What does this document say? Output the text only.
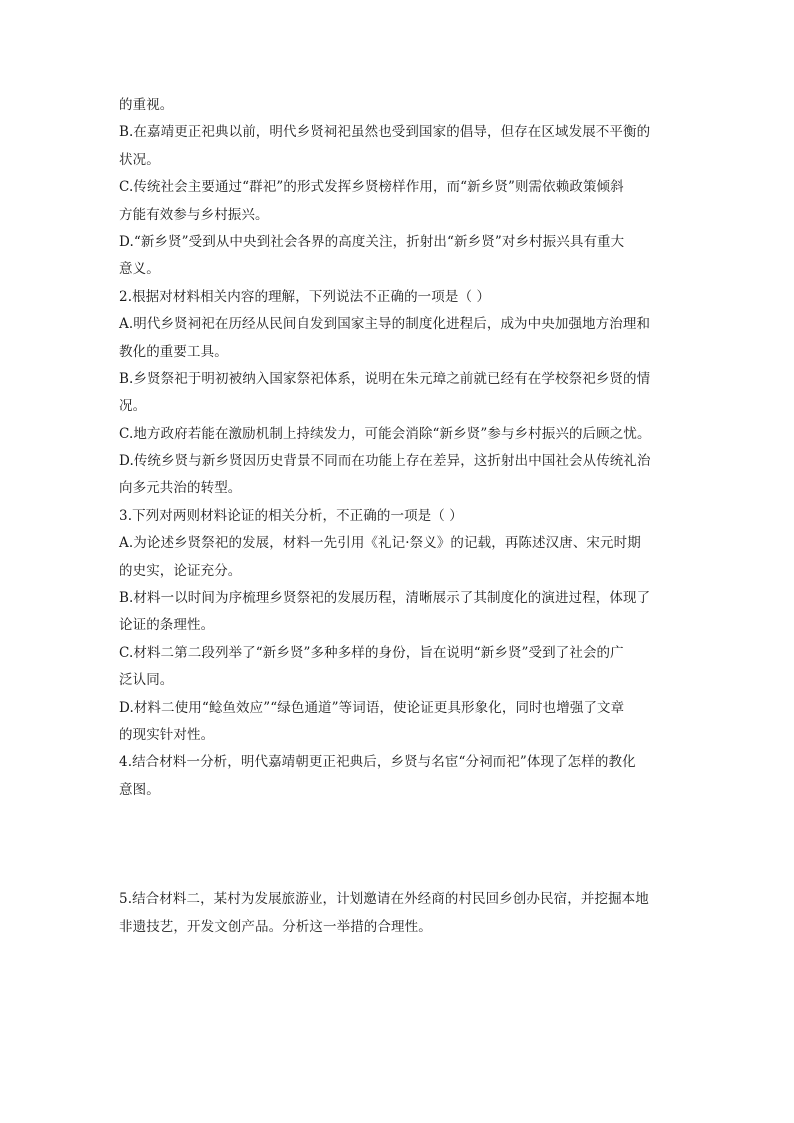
的重视。
B.在嘉靖更正祀典以前，明代乡贤祠祀虽然也受到国家的倡导，但存在区域发展不平衡的
状况。
C.传统社会主要通过“群祀”的形式发挥乡贤榜样作用，而“新乡贤”则需依赖政策倾斜
方能有效参与乡村振兴。
D.“新乡贤”受到从中央到社会各界的高度关注，折射出“新乡贤”对乡村振兴具有重大
意义。
2.根据对材料相关内容的理解，下列说法不正确的一项是（ ）
A.明代乡贤祠祀在历经从民间自发到国家主导的制度化进程后，成为中央加强地方治理和
教化的重要工具。
B.乡贤祭祀于明初被纳入国家祭祀体系，说明在朱元璋之前就已经有在学校祭祀乡贤的情
况。
C.地方政府若能在激励机制上持续发力，可能会消除“新乡贤”参与乡村振兴的后顾之忧。
D.传统乡贤与新乡贤因历史背景不同而在功能上存在差异，这折射出中国社会从传统礼治
向多元共治的转型。
3.下列对两则材料论证的相关分析，不正确的一项是（ ）
A.为论述乡贤祭祀的发展，材料一先引用《礼记·祭义》的记载，再陈述汉唐、宋元时期
的史实，论证充分。
B.材料一以时间为序梳理乡贤祭祀的发展历程，清晰展示了其制度化的演进过程，体现了
论证的条理性。
C.材料二第二段列举了“新乡贤”多种多样的身份，旨在说明“新乡贤”受到了社会的广
泛认同。
D.材料二使用“鲶鱼效应”“绿色通道”等词语，使论证更具形象化，同时也增强了文章
的现实针对性。
4.结合材料一分析，明代嘉靖朝更正祀典后，乡贤与名宦“分祠而祀”体现了怎样的教化
意图。
5.结合材料二，某村为发展旅游业，计划邀请在外经商的村民回乡创办民宿，并挖掘本地
非遗技艺，开发文创产品。分析这一举措的合理性。
